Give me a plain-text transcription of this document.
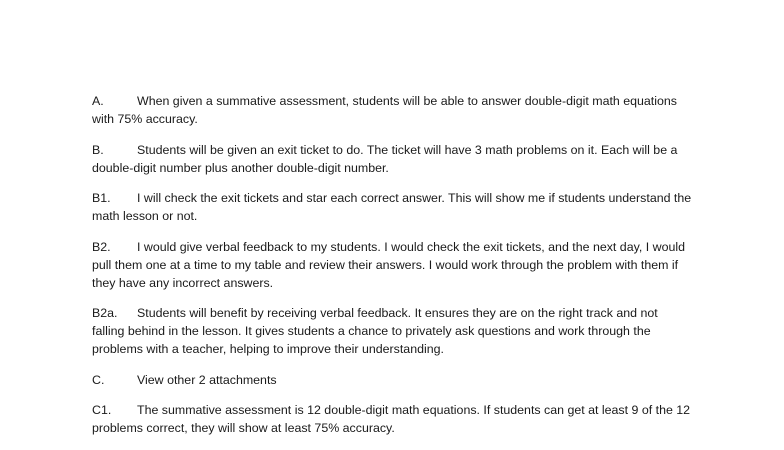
A.	When given a summative assessment, students will be able to answer double-digit math equations with 75% accuracy.

B.	Students will be given an exit ticket to do. The ticket will have 3 math problems on it. Each will be a double-digit number plus another double-digit number.

B1. I will check the exit tickets and star each correct answer. This will show me if students understand the math lesson or not.

B2. I would give verbal feedback to my students. I would check the exit tickets, and the next day, I would pull them one at a time to my table and review their answers. I would work through the problem with them if they have any incorrect answers.

B2a. Students will benefit by receiving verbal feedback. It ensures they are on the right track and not falling behind in the lesson. It gives students a chance to privately ask questions and work through the problems with a teacher, helping to improve their understanding.

C.	View other 2 attachments

C1. The summative assessment is 12 double-digit math equations. If students can get at least 9 of the 12 problems correct, they will show at least 75% accuracy.
